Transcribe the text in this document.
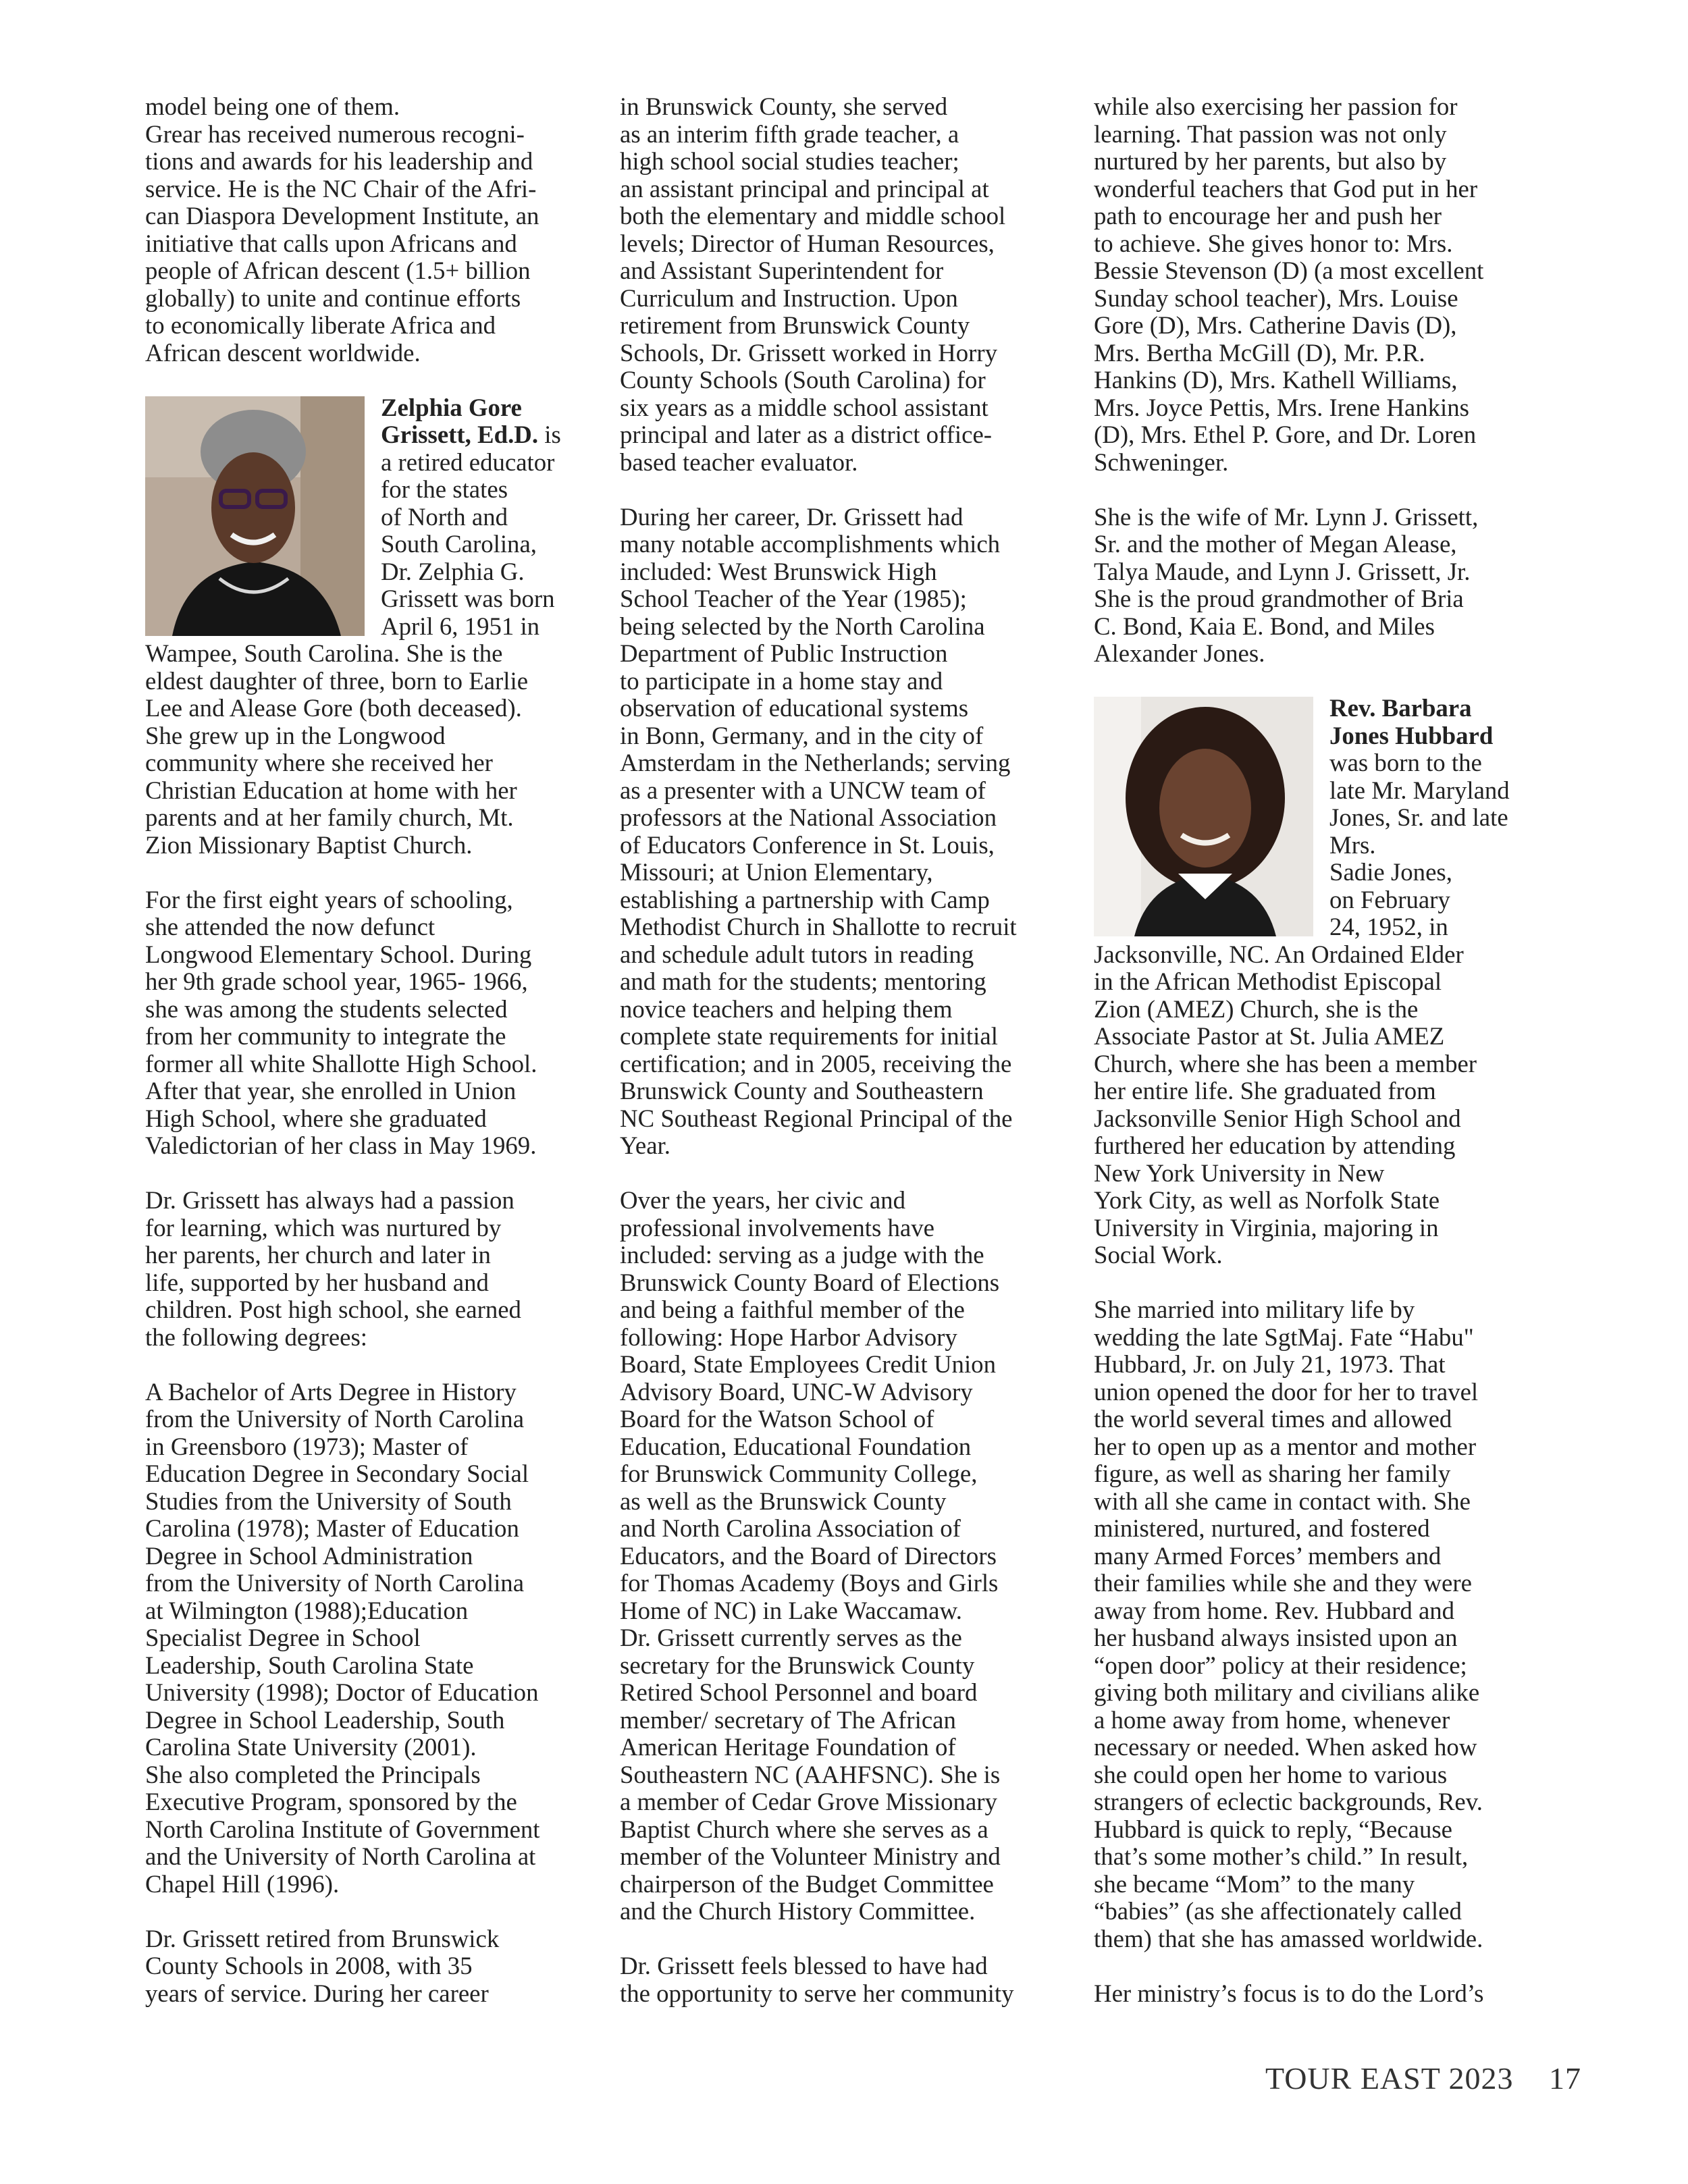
model being one of them.
Grear has received numerous recogni-
tions and awards for his leadership and
service. He is the NC Chair of the Afri-
can Diaspora Development Institute, an
initiative that calls upon Africans and
people of African descent (1.5+ billion
globally) to unite and continue efforts
to economically liberate Africa and
African descent worldwide.

Zelphia Gore
Grissett, Ed.D. is
a retired educator
for the states
of North and
South Carolina,
Dr. Zelphia G.
Grissett was born
April 6, 1951 in

Wampee, South Carolina. She is the
eldest daughter of three, born to Earlie
Lee and Alease Gore (both deceased).
She grew up in the Longwood
community where she received her
Christian Education at home with her
parents and at her family church, Mt.
Zion Missionary Baptist Church.

For the first eight years of schooling,
she attended the now defunct
Longwood Elementary School. During
her 9th grade school year, 1965- 1966,
she was among the students selected
from her community to integrate the
former all white Shallotte High School.
After that year, she enrolled in Union
High School, where she graduated
Valedictorian of her class in May 1969.

Dr. Grissett has always had a passion
for learning, which was nurtured by
her parents, her church and later in
life, supported by her husband and
children. Post high school, she earned
the following degrees:

A Bachelor of Arts Degree in History
from the University of North Carolina
in Greensboro (1973); Master of
Education Degree in Secondary Social
Studies from the University of South
Carolina (1978); Master of Education
Degree in School Administration
from the University of North Carolina
at Wilmington (1988);Education
Specialist Degree in School
Leadership, South Carolina State
University (1998); Doctor of Education
Degree in School Leadership, South
Carolina State University (2001).
She also completed the Principals
Executive Program, sponsored by the
North Carolina Institute of Government
and the University of North Carolina at
Chapel Hill (1996).

Dr. Grissett retired from Brunswick
County Schools in 2008, with 35
years of service. During her career

in Brunswick County, she served
as an interim fifth grade teacher, a
high school social studies teacher;
an assistant principal and principal at
both the elementary and middle school
levels; Director of Human Resources,
and Assistant Superintendent for
Curriculum and Instruction. Upon
retirement from Brunswick County
Schools, Dr. Grissett worked in Horry
County Schools (South Carolina) for
six years as a middle school assistant
principal and later as a district office-
based teacher evaluator.

During her career, Dr. Grissett had
many notable accomplishments which
included: West Brunswick High
School Teacher of the Year (1985);
being selected by the North Carolina
Department of Public Instruction
to participate in a home stay and
observation of educational systems
in Bonn, Germany, and in the city of
Amsterdam in the Netherlands; serving
as a presenter with a UNCW team of
professors at the National Association
of Educators Conference in St. Louis,
Missouri; at Union Elementary,
establishing a partnership with Camp
Methodist Church in Shallotte to recruit
and schedule adult tutors in reading
and math for the students; mentoring
novice teachers and helping them
complete state requirements for initial
certification; and in 2005, receiving the
Brunswick County and Southeastern
NC Southeast Regional Principal of the
Year.

Over the years, her civic and
professional involvements have
included: serving as a judge with the
Brunswick County Board of Elections
and being a faithful member of the
following: Hope Harbor Advisory
Board, State Employees Credit Union
Advisory Board, UNC-W Advisory
Board for the Watson School of
Education, Educational Foundation
for Brunswick Community College,
as well as the Brunswick County
and North Carolina Association of
Educators, and the Board of Directors
for Thomas Academy (Boys and Girls
Home of NC) in Lake Waccamaw.
Dr. Grissett currently serves as the
secretary for the Brunswick County
Retired School Personnel and board
member/ secretary of The African
American Heritage Foundation of
Southeastern NC (AAHFSNC). She is
a member of Cedar Grove Missionary
Baptist Church where she serves as a
member of the Volunteer Ministry and
chairperson of the Budget Committee
and the Church History Committee.

Dr. Grissett feels blessed to have had
the opportunity to serve her community

while also exercising her passion for
learning. That passion was not only
nurtured by her parents, but also by
wonderful teachers that God put in her
path to encourage her and push her
to achieve. She gives honor to: Mrs.
Bessie Stevenson (D) (a most excellent
Sunday school teacher), Mrs. Louise
Gore (D), Mrs. Catherine Davis (D),
Mrs. Bertha McGill (D), Mr. P.R.
Hankins (D), Mrs. Kathell Williams,
Mrs. Joyce Pettis, Mrs. Irene Hankins
(D), Mrs. Ethel P. Gore, and Dr. Loren
Schweninger.

She is the wife of Mr. Lynn J. Grissett,
Sr. and the mother of Megan Alease,
Talya Maude, and Lynn J. Grissett, Jr.
She is the proud grandmother of Bria
C. Bond, Kaia E. Bond, and Miles
Alexander Jones.

Rev. Barbara
Jones Hubbard
was born to the
late Mr. Maryland
Jones, Sr. and late
Mrs.
Sadie Jones,
on February
24, 1952, in

Jacksonville, NC. An Ordained Elder
in the African Methodist Episcopal
Zion (AMEZ) Church, she is the
Associate Pastor at St. Julia AMEZ
Church, where she has been a member
her entire life. She graduated from
Jacksonville Senior High School and
furthered her education by attending
New York University in New
York City, as well as Norfolk State
University in Virginia, majoring in
Social Work.

She married into military life by
wedding the late SgtMaj. Fate “Habu"
Hubbard, Jr. on July 21, 1973. That
union opened the door for her to travel
the world several times and allowed
her to open up as a mentor and mother
figure, as well as sharing her family
with all she came in contact with. She
ministered, nurtured, and fostered
many Armed Forces’ members and
their families while she and they were
away from home. Rev. Hubbard and
her husband always insisted upon an
“open door” policy at their residence;
giving both military and civilians alike
a home away from home, whenever
necessary or needed. When asked how
she could open her home to various
strangers of eclectic backgrounds, Rev.
Hubbard is quick to reply, “Because
that’s some mother’s child.” In result,
she became “Mom” to the many
“babies” (as she affectionately called
them) that she has amassed worldwide.

Her ministry’s focus is to do the Lord’s

TOUR EAST 2023 17
